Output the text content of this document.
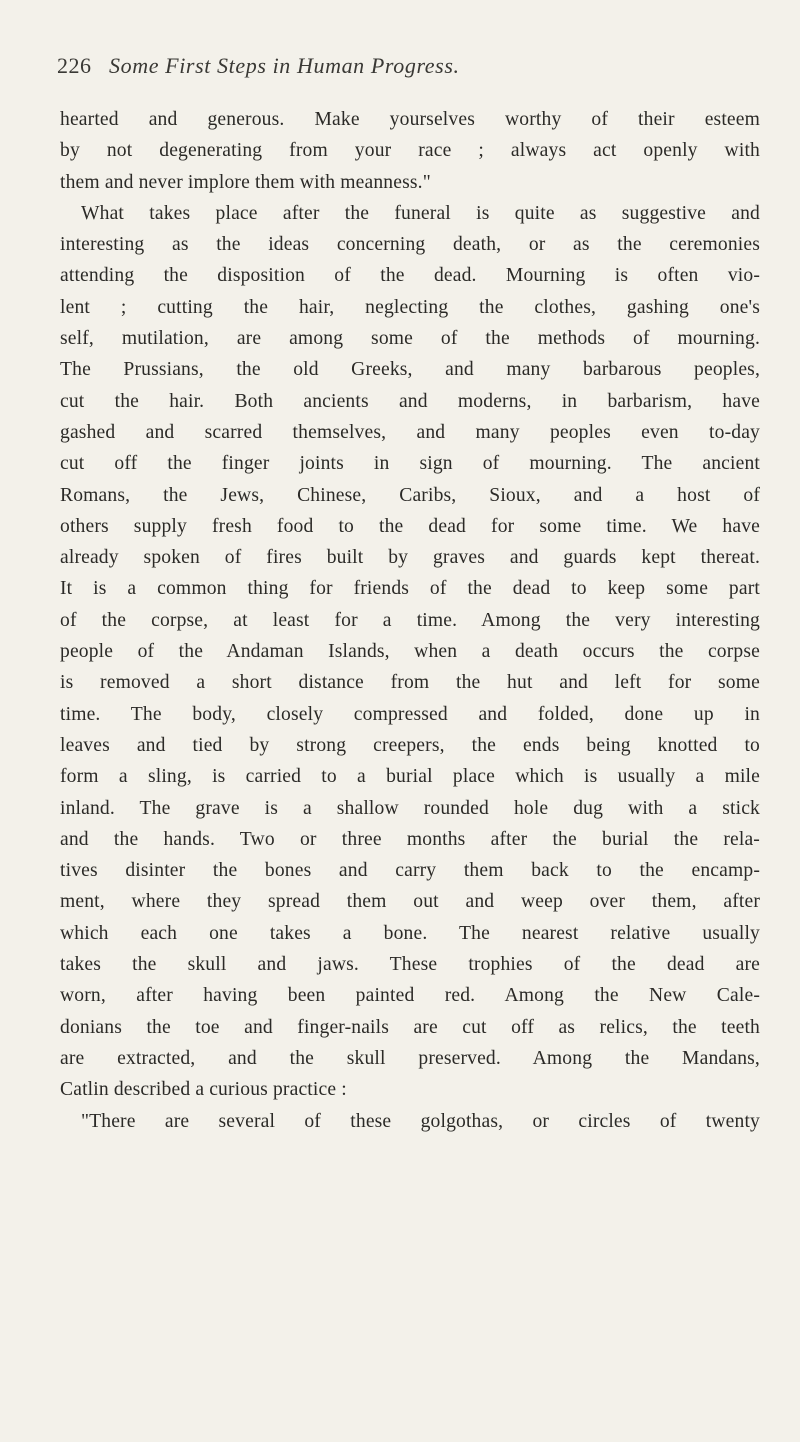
226 Some First Steps in Human Progress.
hearted and generous. Make yourselves worthy of their esteem
by not degenerating from your race ; always act openly with
them and never implore them with meanness."
What takes place after the funeral is quite as suggestive and
interesting as the ideas concerning death, or as the ceremonies
attending the disposition of the dead. Mourning is often vio-
lent ; cutting the hair, neglecting the clothes, gashing one's
self, mutilation, are among some of the methods of mourning.
The Prussians, the old Greeks, and many barbarous peoples,
cut the hair. Both ancients and moderns, in barbarism, have
gashed and scarred themselves, and many peoples even to-day
cut off the finger joints in sign of mourning. The ancient
Romans, the Jews, Chinese, Caribs, Sioux, and a host of
others supply fresh food to the dead for some time. We have
already spoken of fires built by graves and guards kept thereat.
It is a common thing for friends of the dead to keep some part
of the corpse, at least for a time. Among the very interesting
people of the Andaman Islands, when a death occurs the corpse
is removed a short distance from the hut and left for some
time. The body, closely compressed and folded, done up in
leaves and tied by strong creepers, the ends being knotted to
form a sling, is carried to a burial place which is usually a mile
inland. The grave is a shallow rounded hole dug with a stick
and the hands. Two or three months after the burial the rela-
tives disinter the bones and carry them back to the encamp-
ment, where they spread them out and weep over them, after
which each one takes a bone. The nearest relative usually
takes the skull and jaws. These trophies of the dead are
worn, after having been painted red. Among the New Cale-
donians the toe and finger-nails are cut off as relics, the teeth
are extracted, and the skull preserved. Among the Mandans,
Catlin described a curious practice :
"There are several of these golgothas, or circles of twenty
